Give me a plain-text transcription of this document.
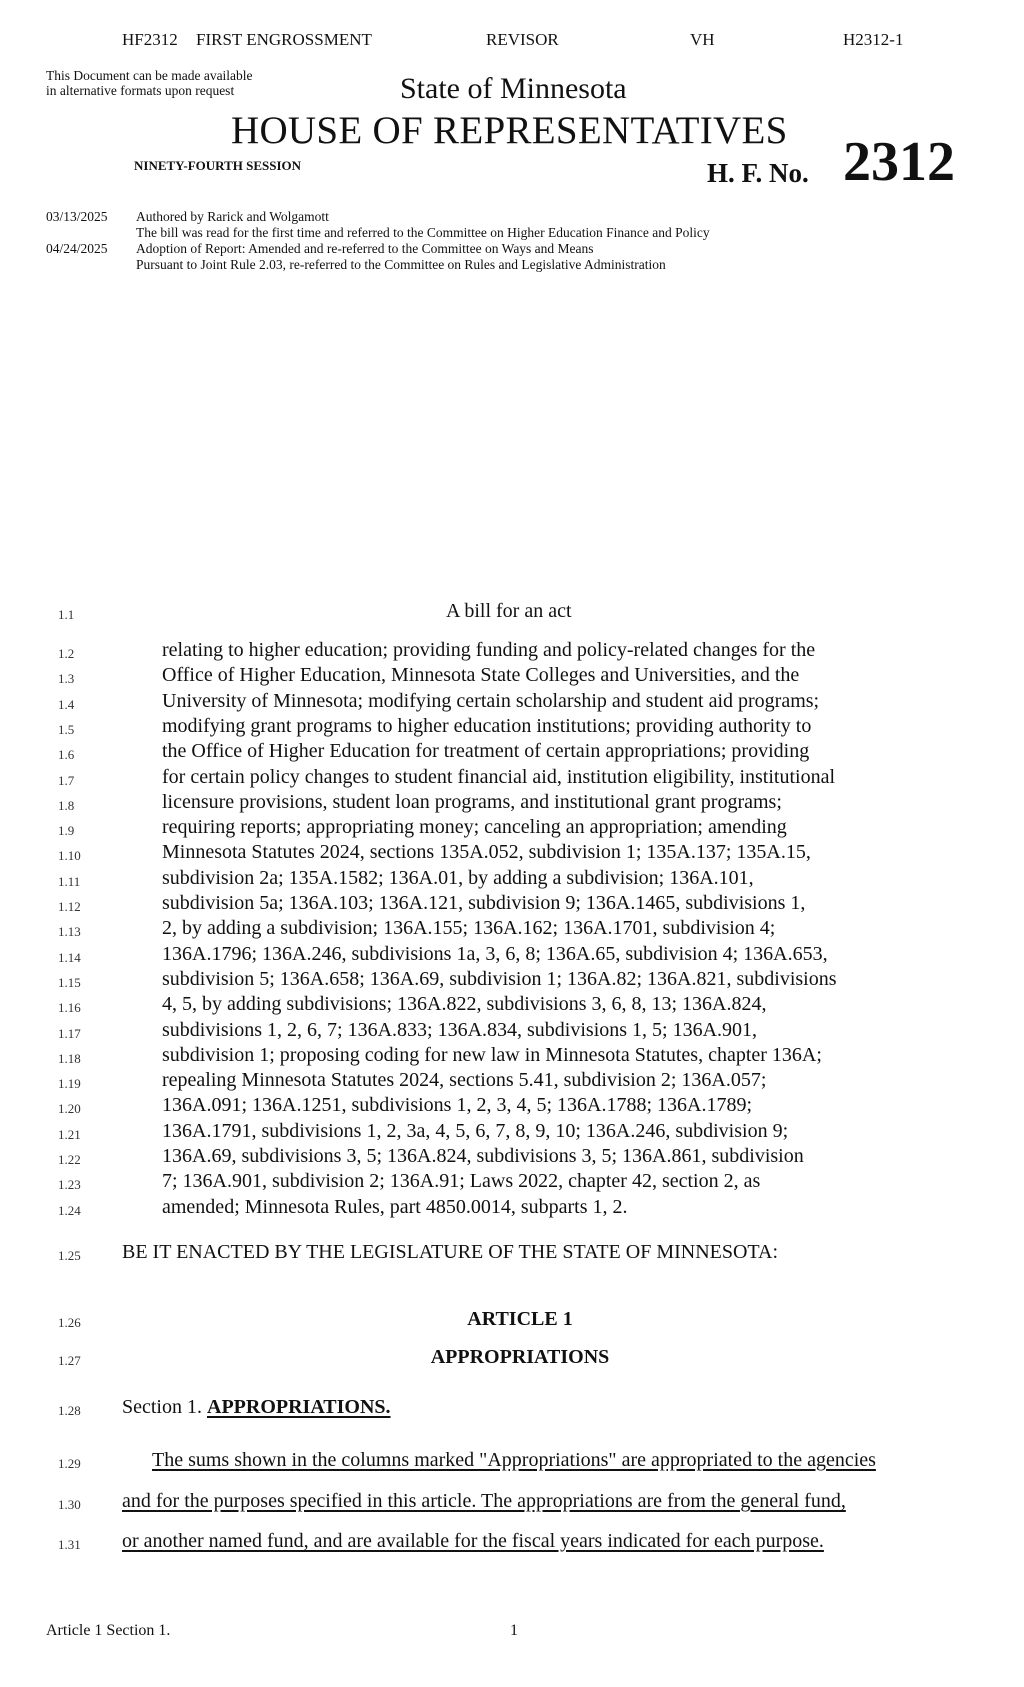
HF2312 FIRST ENGROSSMENT	REVISOR	VH	H2312-1
This Document can be made available
in alternative formats upon request	State of Minnesota
HOUSE OF REPRESENTATIVES
NINETY-FOURTH SESSION	H. F. No. 2312
03/13/2025 Authored by Rarick and Wolgamott
The bill was read for the first time and referred to the Committee on Higher Education Finance and Policy
04/24/2025 Adoption of Report: Amended and re-referred to the Committee on Ways and Means
Pursuant to Joint Rule 2.03, re-referred to the Committee on Rules and Legislative Administration
1.1	A bill for an act
1.2	relating to higher education; providing funding and policy-related changes for the
1.3	Office of Higher Education, Minnesota State Colleges and Universities, and the
1.4	University of Minnesota; modifying certain scholarship and student aid programs;
1.5	modifying grant programs to higher education institutions; providing authority to
1.6	the Office of Higher Education for treatment of certain appropriations; providing
1.7	for certain policy changes to student financial aid, institution eligibility, institutional
1.8	licensure provisions, student loan programs, and institutional grant programs;
1.9	requiring reports; appropriating money; canceling an appropriation; amending
1.10	Minnesota Statutes 2024, sections 135A.052, subdivision 1; 135A.137; 135A.15,
1.11	subdivision 2a; 135A.1582; 136A.01, by adding a subdivision; 136A.101,
1.12	subdivision 5a; 136A.103; 136A.121, subdivision 9; 136A.1465, subdivisions 1,
1.13	2, by adding a subdivision; 136A.155; 136A.162; 136A.1701, subdivision 4;
1.14	136A.1796; 136A.246, subdivisions 1a, 3, 6, 8; 136A.65, subdivision 4; 136A.653,
1.15	subdivision 5; 136A.658; 136A.69, subdivision 1; 136A.82; 136A.821, subdivisions
1.16	4, 5, by adding subdivisions; 136A.822, subdivisions 3, 6, 8, 13; 136A.824,
1.17	subdivisions 1, 2, 6, 7; 136A.833; 136A.834, subdivisions 1, 5; 136A.901,
1.18	subdivision 1; proposing coding for new law in Minnesota Statutes, chapter 136A;
1.19	repealing Minnesota Statutes 2024, sections 5.41, subdivision 2; 136A.057;
1.20	136A.091; 136A.1251, subdivisions 1, 2, 3, 4, 5; 136A.1788; 136A.1789;
1.21	136A.1791, subdivisions 1, 2, 3a, 4, 5, 6, 7, 8, 9, 10; 136A.246, subdivision 9;
1.22	136A.69, subdivisions 3, 5; 136A.824, subdivisions 3, 5; 136A.861, subdivision
1.23	7; 136A.901, subdivision 2; 136A.91; Laws 2022, chapter 42, section 2, as
1.24	amended; Minnesota Rules, part 4850.0014, subparts 1, 2.
1.25 BE IT ENACTED BY THE LEGISLATURE OF THE STATE OF MINNESOTA:
1.26	ARTICLE 1
1.27	APPROPRIATIONS
1.28 Section 1. APPROPRIATIONS.
1.29	The sums shown in the columns marked "Appropriations" are appropriated to the agencies
1.30 and for the purposes specified in this article. The appropriations are from the general fund,
1.31 or another named fund, and are available for the fiscal years indicated for each purpose.
Article 1 Section 1.	1
